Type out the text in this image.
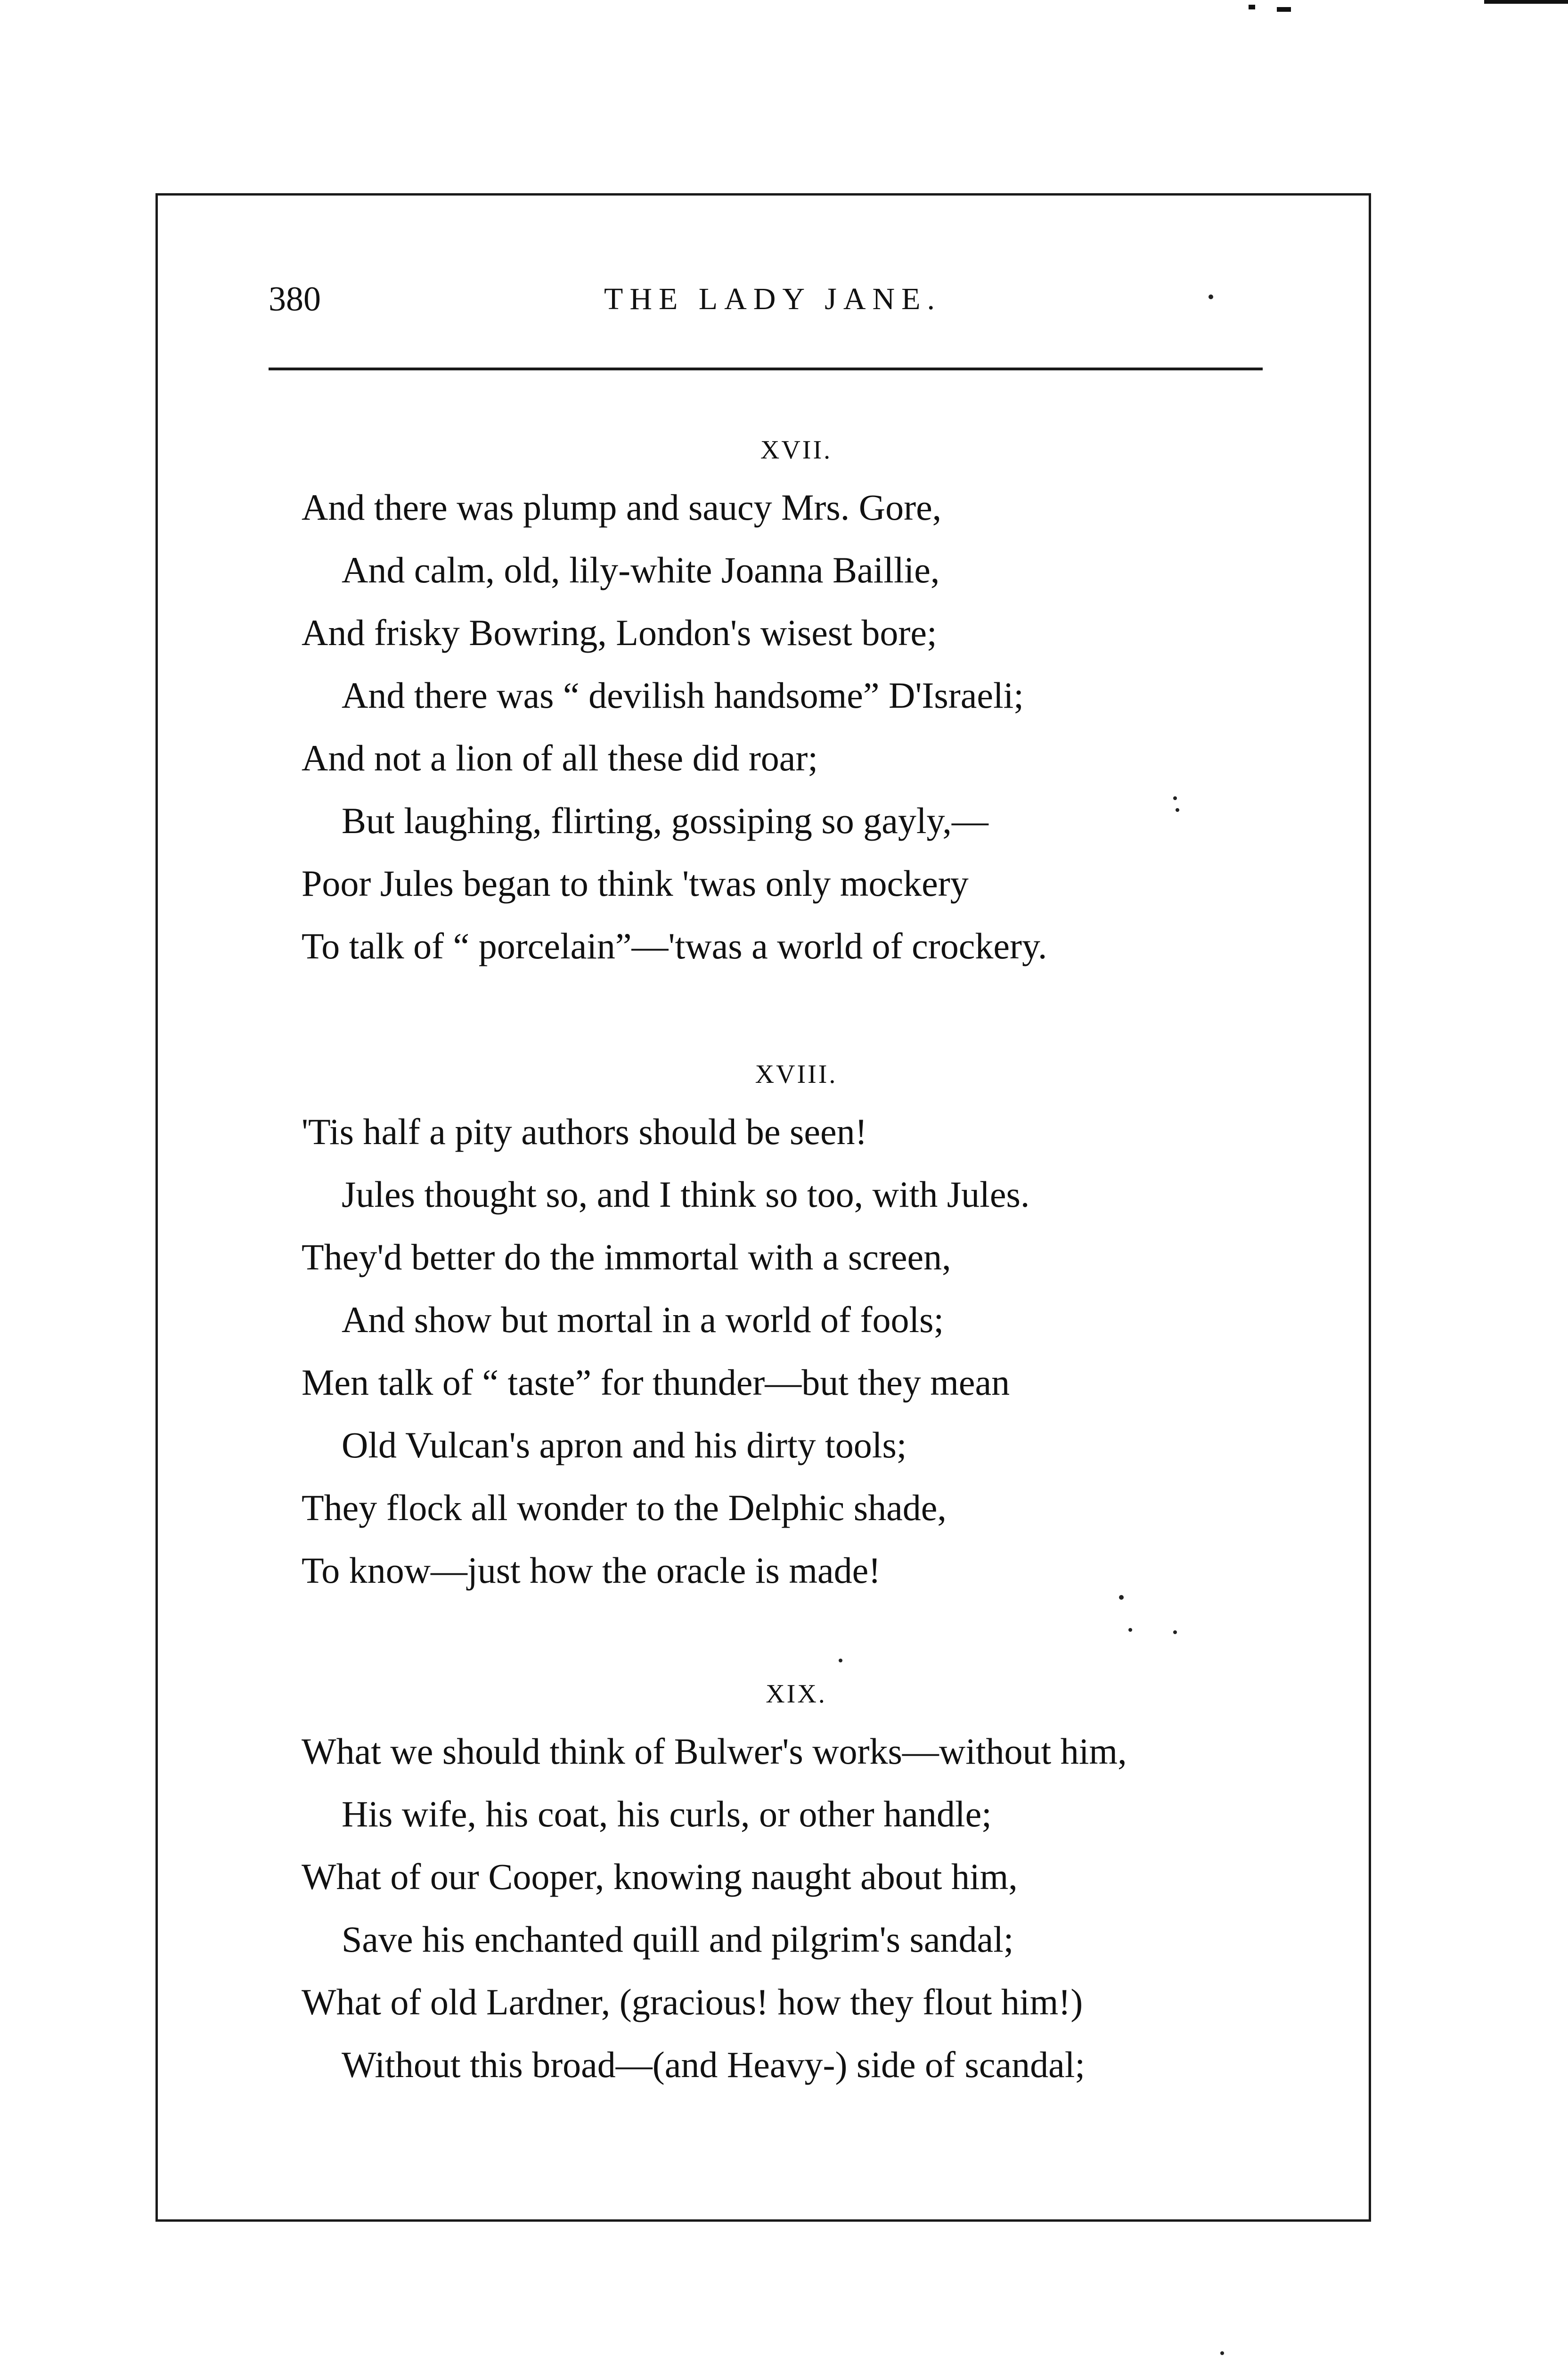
380	THE LADY JANE.
XVII.
And there was plump and saucy Mrs. Gore,
And calm, old, lily-white Joanna Baillie,
And frisky Bowring, London's wisest bore;
And there was “ devilish handsome” D'Israeli;
And not a lion of all these did roar;
But laughing, flirting, gossiping so gayly,—
Poor Jules began to think 'twas only mockery
To talk of “ porcelain”—'twas a world of crockery.
XVIII.
'Tis half a pity authors should be seen!
Jules thought so, and I think so too, with Jules.
They'd better do the immortal with a screen,
And show but mortal in a world of fools;
Men talk of “ taste” for thunder—but they mean
Old Vulcan's apron and his dirty tools;
They flock all wonder to the Delphic shade,
To know—just how the oracle is made!
XIX.
What we should think of Bulwer's works—without him,
His wife, his coat, his curls, or other handle;
What of our Cooper, knowing naught about him,
Save his enchanted quill and pilgrim's sandal;
What of old Lardner, (gracious! how they flout him!)
Without this broad—(and Heavy-) side of scandal;
